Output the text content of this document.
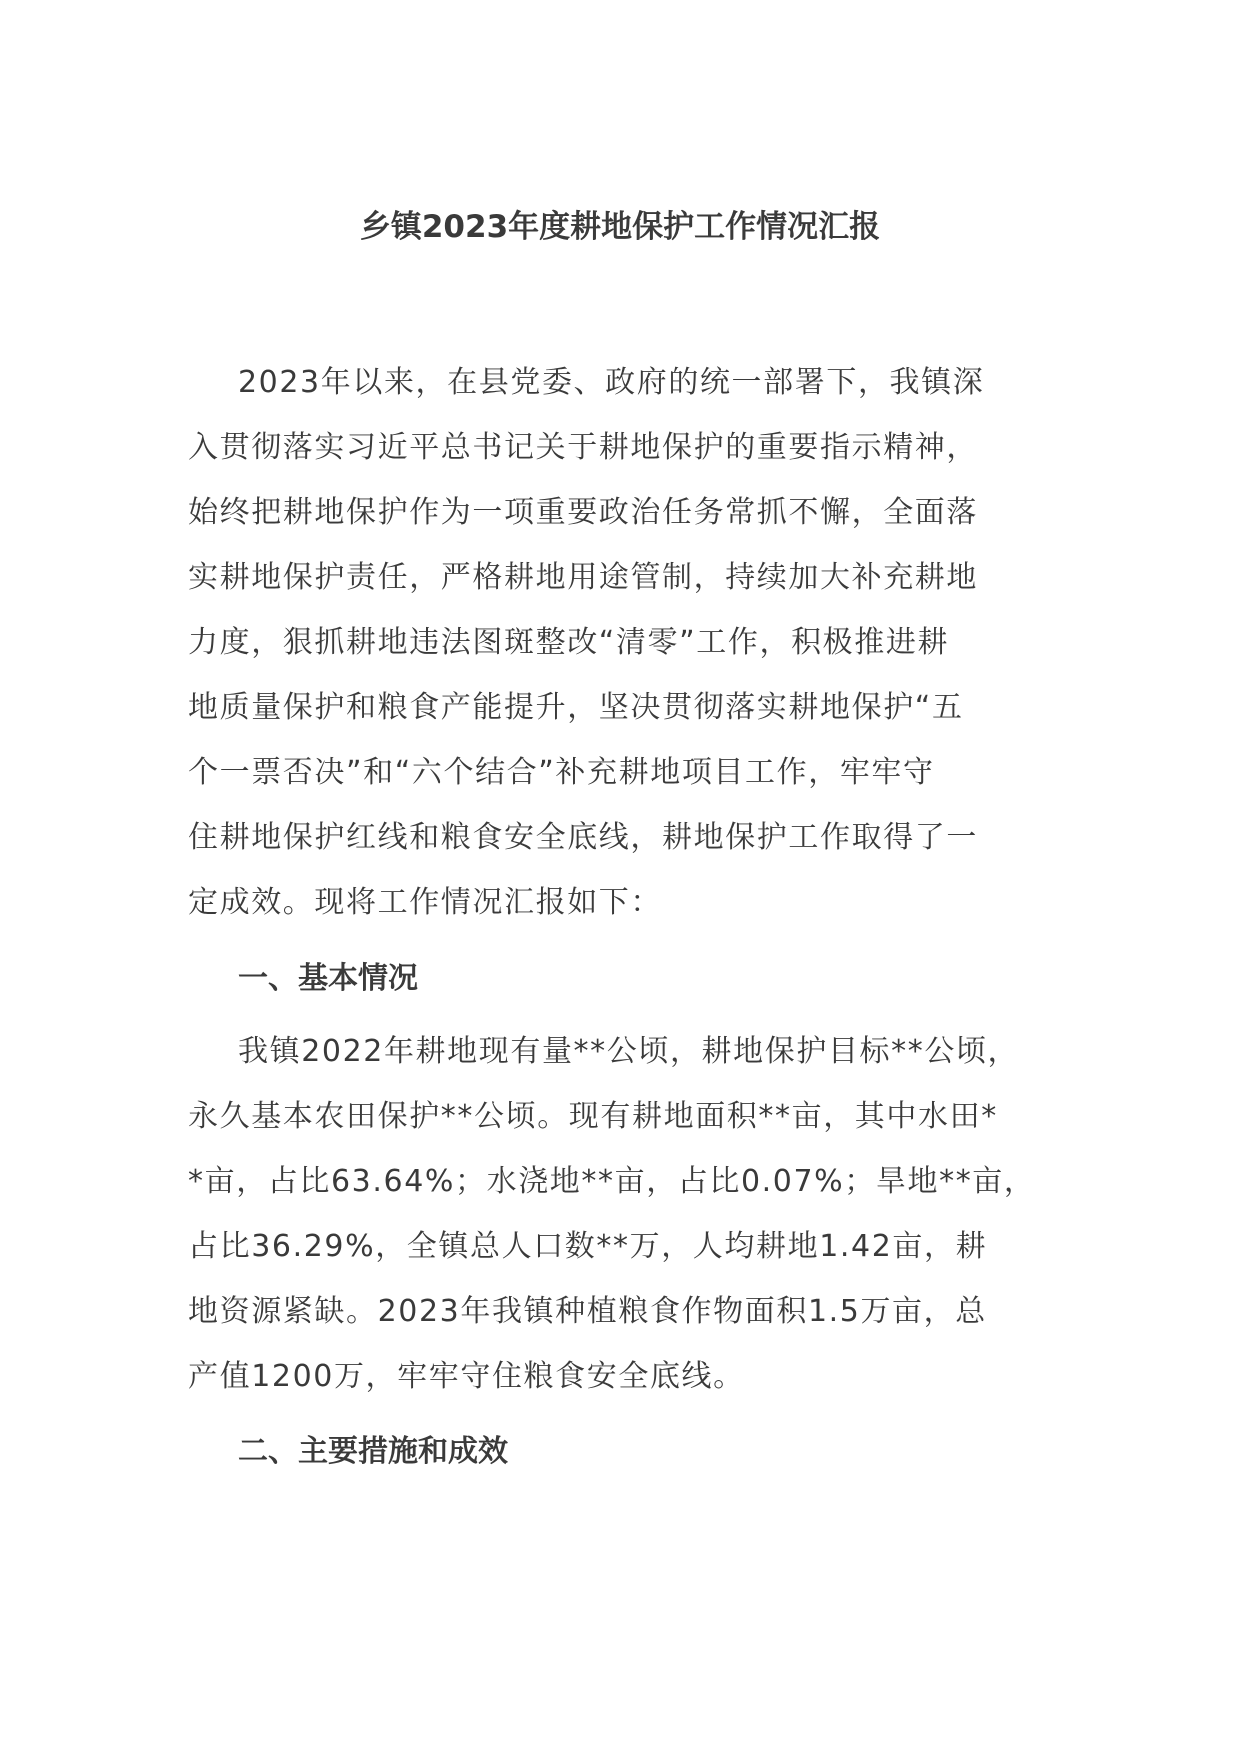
乡镇2023年度耕地保护工作情况汇报
2023年以来，在县党委、政府的统一部署下，我镇深
入贯彻落实习近平总书记关于耕地保护的重要指示精神，
始终把耕地保护作为一项重要政治任务常抓不懈，全面落
实耕地保护责任，严格耕地用途管制，持续加大补充耕地
力度，狠抓耕地违法图斑整改“清零”工作，积极推进耕
地质量保护和粮食产能提升，坚决贯彻落实耕地保护“五
个一票否决”和“六个结合”补充耕地项目工作，牢牢守
住耕地保护红线和粮食安全底线，耕地保护工作取得了一
定成效。现将工作情况汇报如下：
一、基本情况
我镇2022年耕地现有量**公顷，耕地保护目标**公顷，
永久基本农田保护**公顷。现有耕地面积**亩，其中水田*
*亩，占比63.64%；水浇地**亩，占比0.07%；旱地**亩，
占比36.29%，全镇总人口数**万，人均耕地1.42亩，耕
地资源紧缺。2023年我镇种植粮食作物面积1.5万亩，总
产值1200万，牢牢守住粮食安全底线。
二、主要措施和成效
